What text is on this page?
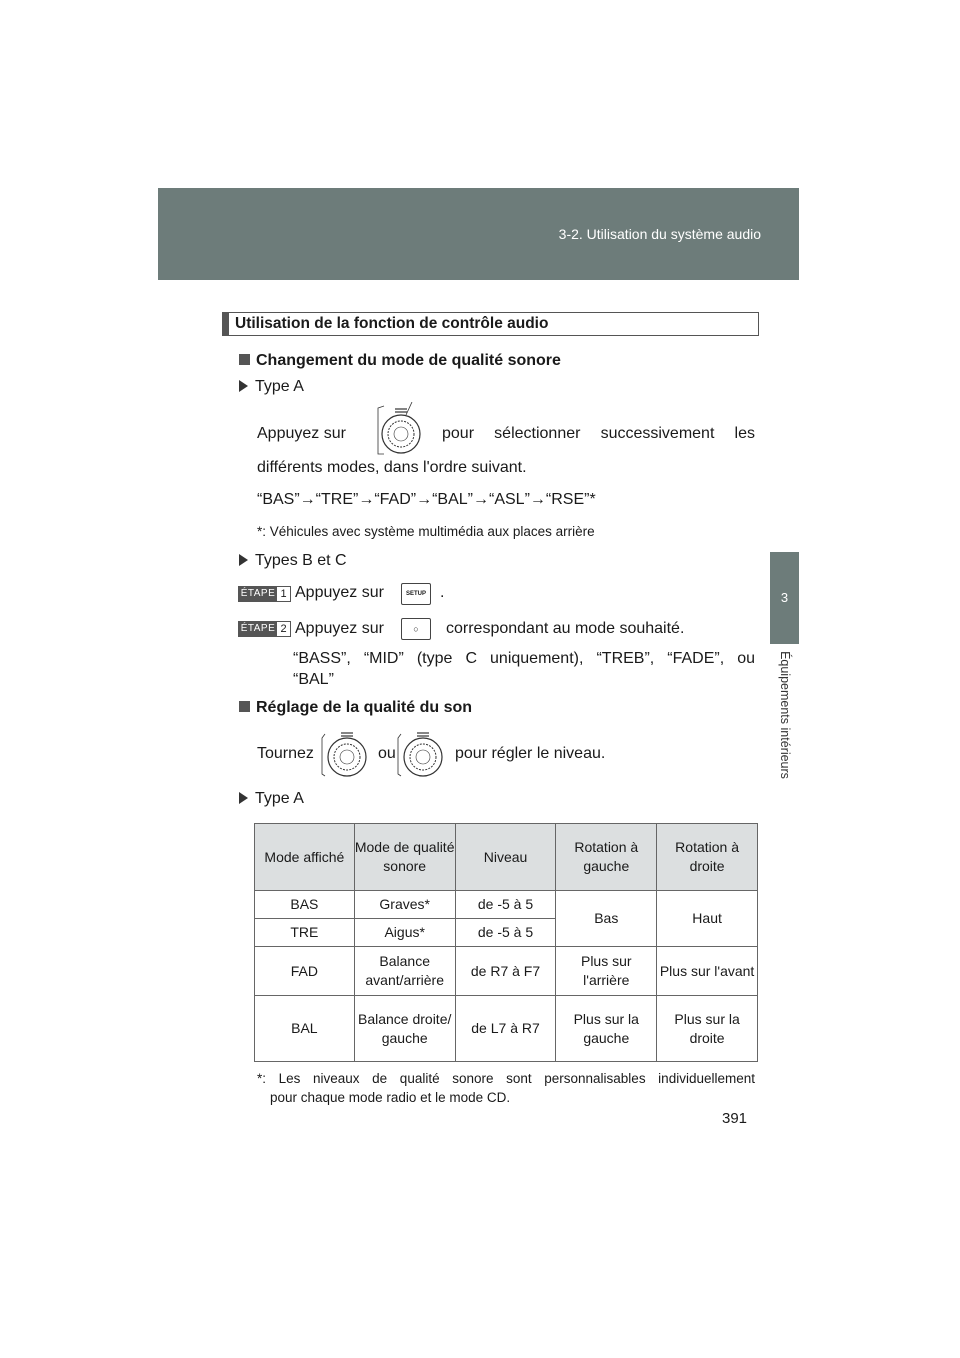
3-2. Utilisation du système audio
3
Équipements intérieurs
Utilisation de la fonction de contrôle audio
Changement du mode de qualité sonore
Type A
Appuyez sur	pour sélectionner successivement les
différents modes, dans l'ordre suivant.
“BAS”→“TRE”→“FAD”→“BAL”→“ASL”→“RSE”*
*: Véhicules avec système multimédia aux places arrière
Types B et C
ÉTAPE 1 Appuyez sur	SETUP .
ÉTAPE 2 Appuyez sur	○	correspondant au mode souhaité.
“BASS”, “MID” (type C uniquement), “TREB”, “FADE”, ou
“BAL”
Réglage de la qualité du son
Tournez	ou	pour régler le niveau.
Type A
Mode affiché	Mode de qualité sonore	Niveau	Rotation à gauche	Rotation à droite
BAS	Graves*	de -5 à 5	Bas	Haut
TRE	Aigus*	de -5 à 5		
FAD	Balance avant/arrière	de R7 à F7	Plus sur l'arrière	Plus sur l'avant
BAL	Balance droite/ gauche	de L7 à R7	Plus sur la gauche	Plus sur la droite
*: Les niveaux de qualité sonore sont personnalisables individuellement
pour chaque mode radio et le mode CD.
391
